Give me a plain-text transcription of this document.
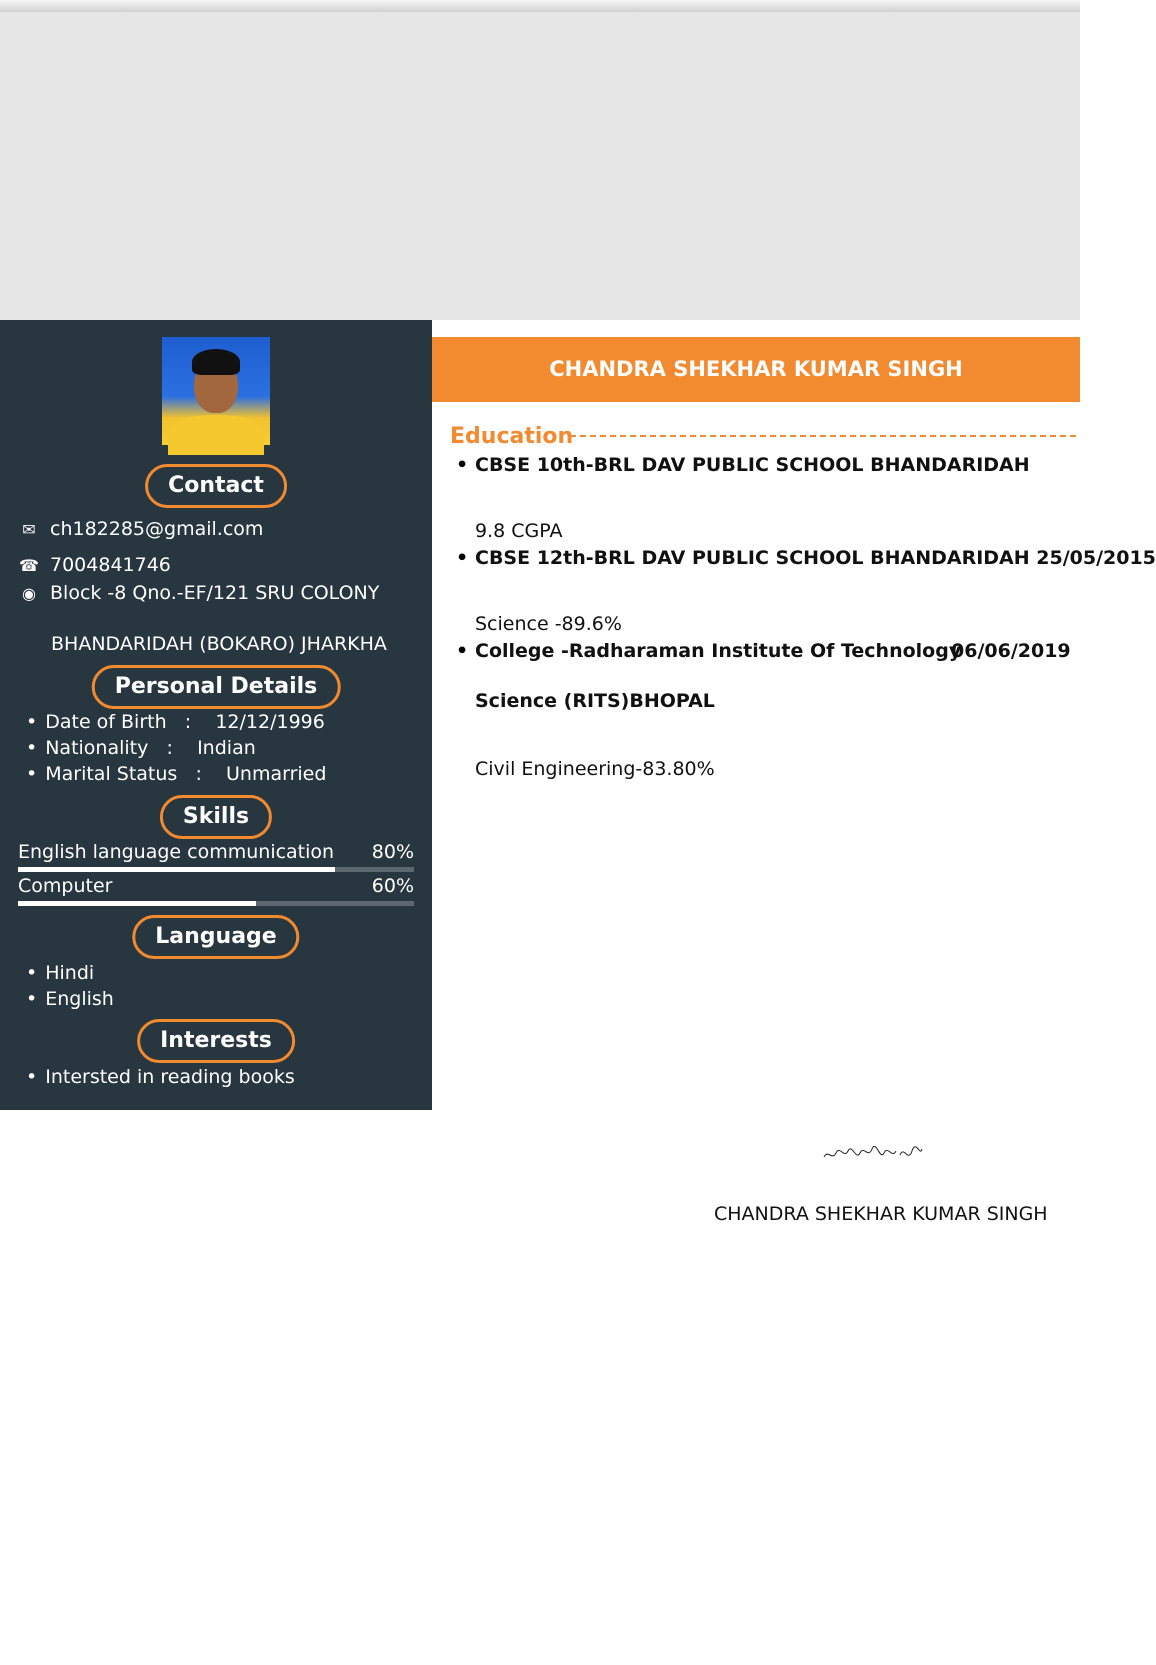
Contact
✉ ch182285@gmail.com
☎ 7004841746
◉ Block -8 Qno.-EF/121 SRU COLONY
BHANDARIDAH (BOKARO) JHARKHA
Personal Details
• Date of Birth : 12/12/1996
• Nationality : Indian
• Marital Status : Unmarried
Skills
English language communication 80%
Computer	60%
Language
• Hindi
• English
Interests
• Intersted in reading books
CHANDRA SHEKHAR KUMAR SINGH
Education
• CBSE 10th-BRL DAV PUBLIC SCHOOL BHANDARIDAH
9.8 CGPA
• CBSE 12th-BRL DAV PUBLIC SCHOOL BHANDARIDAH 25/05/2015
Science -89.6%
• College -Radharaman Institute Of Technology
06/06/2019
Science (RITS)BHOPAL
Civil Engineering-83.80%
CHANDRA SHEKHAR KUMAR SINGH
